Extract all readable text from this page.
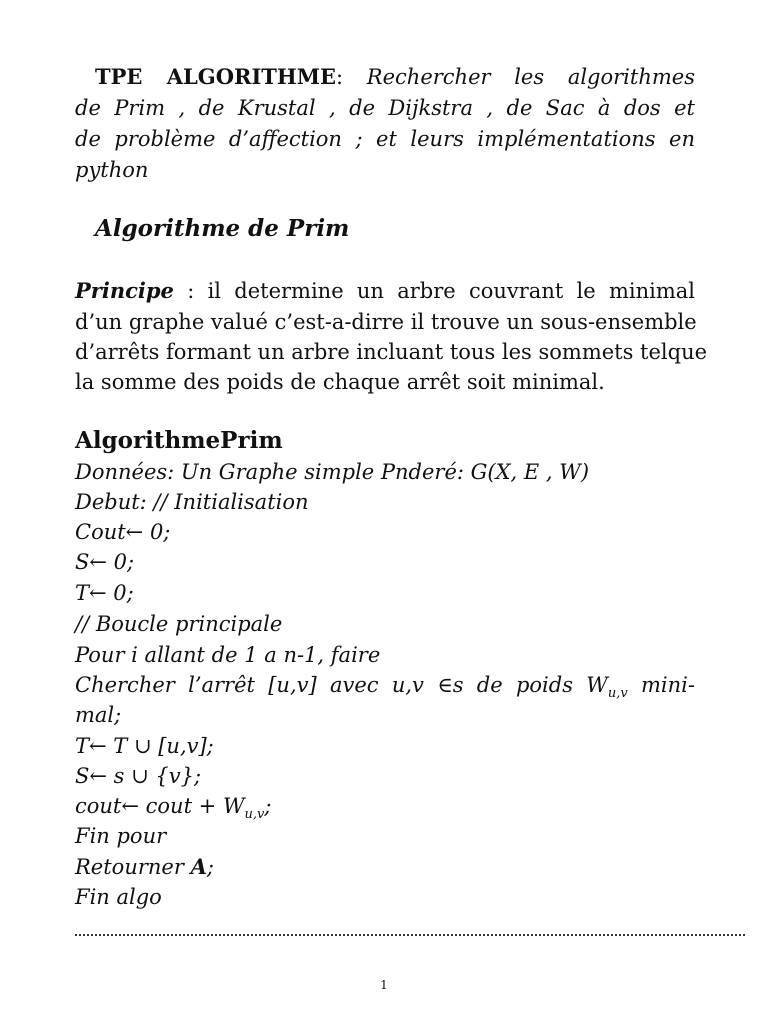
TPE ALGORITHME: Rechercher les algorithmes
de Prim , de Krustal , de Dijkstra , de Sac à dos et
de problème d’affection ; et leurs implémentations en
python
Algorithme de Prim
Principe : il determine un arbre couvrant le minimal
d’un graphe valué c’est-a-dirre il trouve un sous-ensemble
d’arrêts formant un arbre incluant tous les sommets telque
la somme des poids de chaque arrêt soit minimal.
AlgorithmePrim
Données: Un Graphe simple Pnderé: G(X, E , W)
Debut: // Initialisation
Cout← 0;
S← 0;
T← 0;
// Boucle principale
Pour i allant de 1 a n-1, faire
Chercher l’arrêt [u,v] avec u,v ∈s de poids $W_{u,v}$ mini-
mal;
T← T ∪ [u,v];
S← s ∪ {v};
cout← cout + $W_{u,v}$;
Fin pour
Retourner A;
Fin algo
1
